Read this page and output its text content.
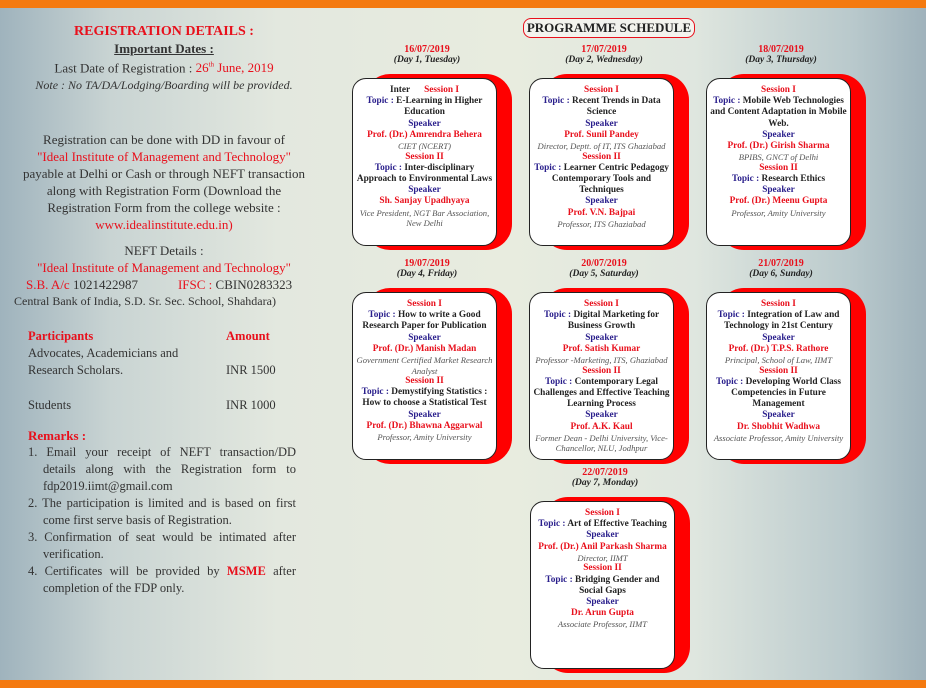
REGISTRATION DETAILS :
Important Dates :
Last Date of Registration : 26th June, 2019
Note : No TA/DA/Lodging/Boarding will be provided.
Registration can be done with DD in favour of
"Ideal Institute of Management and Technology"
payable at Delhi or Cash or through NEFT transaction along with Registration Form (Download the Registration Form from the college website : www.idealinstitute.edu.in)
NEFT Details :
"Ideal Institute of Management and Technology"
S.B. A/c 1021422987	IFSC : CBIN0283323
Central Bank of India, S.D. Sr. Sec. School, Shahdara)
Participants	Amount
Advocates, Academicians and Research Scholars.	INR 1500
Students	INR 1000
Remarks :
1. Email your receipt of NEFT transaction/DD details along with the Registration form to fdp2019.iimt@gmail.com
2. The participation is limited and is based on first come first serve basis of Registration.
3. Confirmation of seat would be intimated after verification.
4. Certificates will be provided by MSME after completion of the FDP only.
PROGRAMME SCHEDULE
16/07/2019
(Day 1, Tuesday)
Inter Session I
Topic : E-Learning in Higher Education
Speaker
Prof. (Dr.) Amrendra Behera
CIET (NCERT)
Session II
Topic : Inter-disciplinary Approach to Environmental Laws
Speaker
Sh. Sanjay Upadhyaya
Vice President, NGT Bar Association, New Delhi
17/07/2019
(Day 2, Wednesday)
Session I
Topic : Recent Trends in Data Science
Speaker
Prof. Sunil Pandey
Director, Deptt. of IT, ITS Ghaziabad
Session II
Topic : Learner Centric Pedagogy Contemporary Tools and Techniques
Speaker
Prof. V.N. Bajpai
Professor, ITS Ghaziabad
18/07/2019
(Day 3, Thursday)
Session I
Topic : Mobile Web Technologies and Content Adaptation in Mobile Web.
Speaker
Prof. (Dr.) Girish Sharma
BPIBS, GNCT of Delhi
Session II
Topic : Research Ethics
Speaker
Prof. (Dr.) Meenu Gupta
Professor, Amity University
19/07/2019
(Day 4, Friday)
Session I
Topic : How to write a Good Research Paper for Publication
Speaker
Prof. (Dr.) Manish Madan
Government Certified Market Research Analyst
Session II
Topic : Demystifying Statistics : How to choose a Statistical Test
Speaker
Prof. (Dr.) Bhawna Aggarwal
Professor, Amity University
20/07/2019
(Day 5, Saturday)
Session I
Topic : Digital Marketing for Business Growth
Speaker
Prof. Satish Kumar
Professor -Marketing, ITS, Ghaziabad
Session II
Topic : Contemporary Legal Challenges and Effective Teaching Learning Process
Speaker
Prof. A.K. Kaul
Former Dean - Delhi University, Vice-Chancellor, NLU, Jodhpur
21/07/2019
(Day 6, Sunday)
Session I
Topic : Integration of Law and Technology in 21st Century
Speaker
Prof. (Dr.) T.P.S. Rathore
Principal, School of Law, IIMT
Session II
Topic : Developing World Class Competencies in Future Management
Speaker
Dr. Shobhit Wadhwa
Associate Professor, Amity University
22/07/2019
(Day 7, Monday)
Session I
Topic : Art of Effective Teaching
Speaker
Prof. (Dr.) Anil Parkash Sharma
Director, IIMT
Session II
Topic : Bridging Gender and Social Gaps
Speaker
Dr. Arun Gupta
Associate Professor, IIMT
